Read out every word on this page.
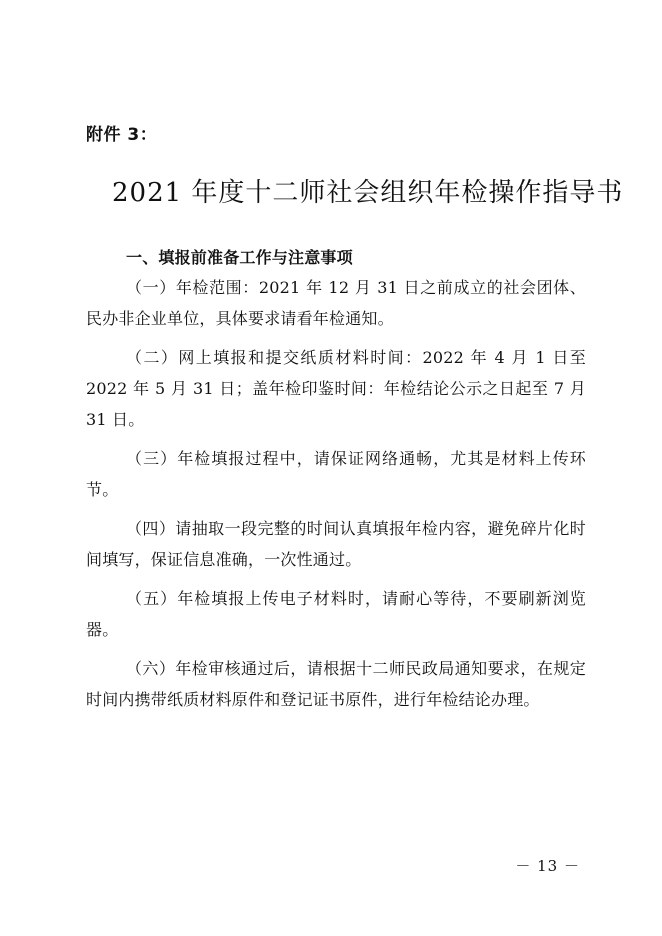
附件 3：
2021 年度十二师社会组织年检操作指导书

一、填报前准备工作与注意事项

（一）年检范围：2021 年 12 月 31 日之前成立的社会团体、民办非企业单位，具体要求请看年检通知。

（二）网上填报和提交纸质材料时间：2022 年 4 月 1 日至 2022 年 5 月 31 日；盖年检印鉴时间：年检结论公示之日起至 7 月 31 日。

（三）年检填报过程中，请保证网络通畅，尤其是材料上传环节。

（四）请抽取一段完整的时间认真填报年检内容，避免碎片化时间填写，保证信息准确，一次性通过。

（五）年检填报上传电子材料时，请耐心等待，不要刷新浏览器。

（六）年检审核通过后，请根据十二师民政局通知要求，在规定时间内携带纸质材料原件和登记证书原件，进行年检结论办理。

－ 13 －
